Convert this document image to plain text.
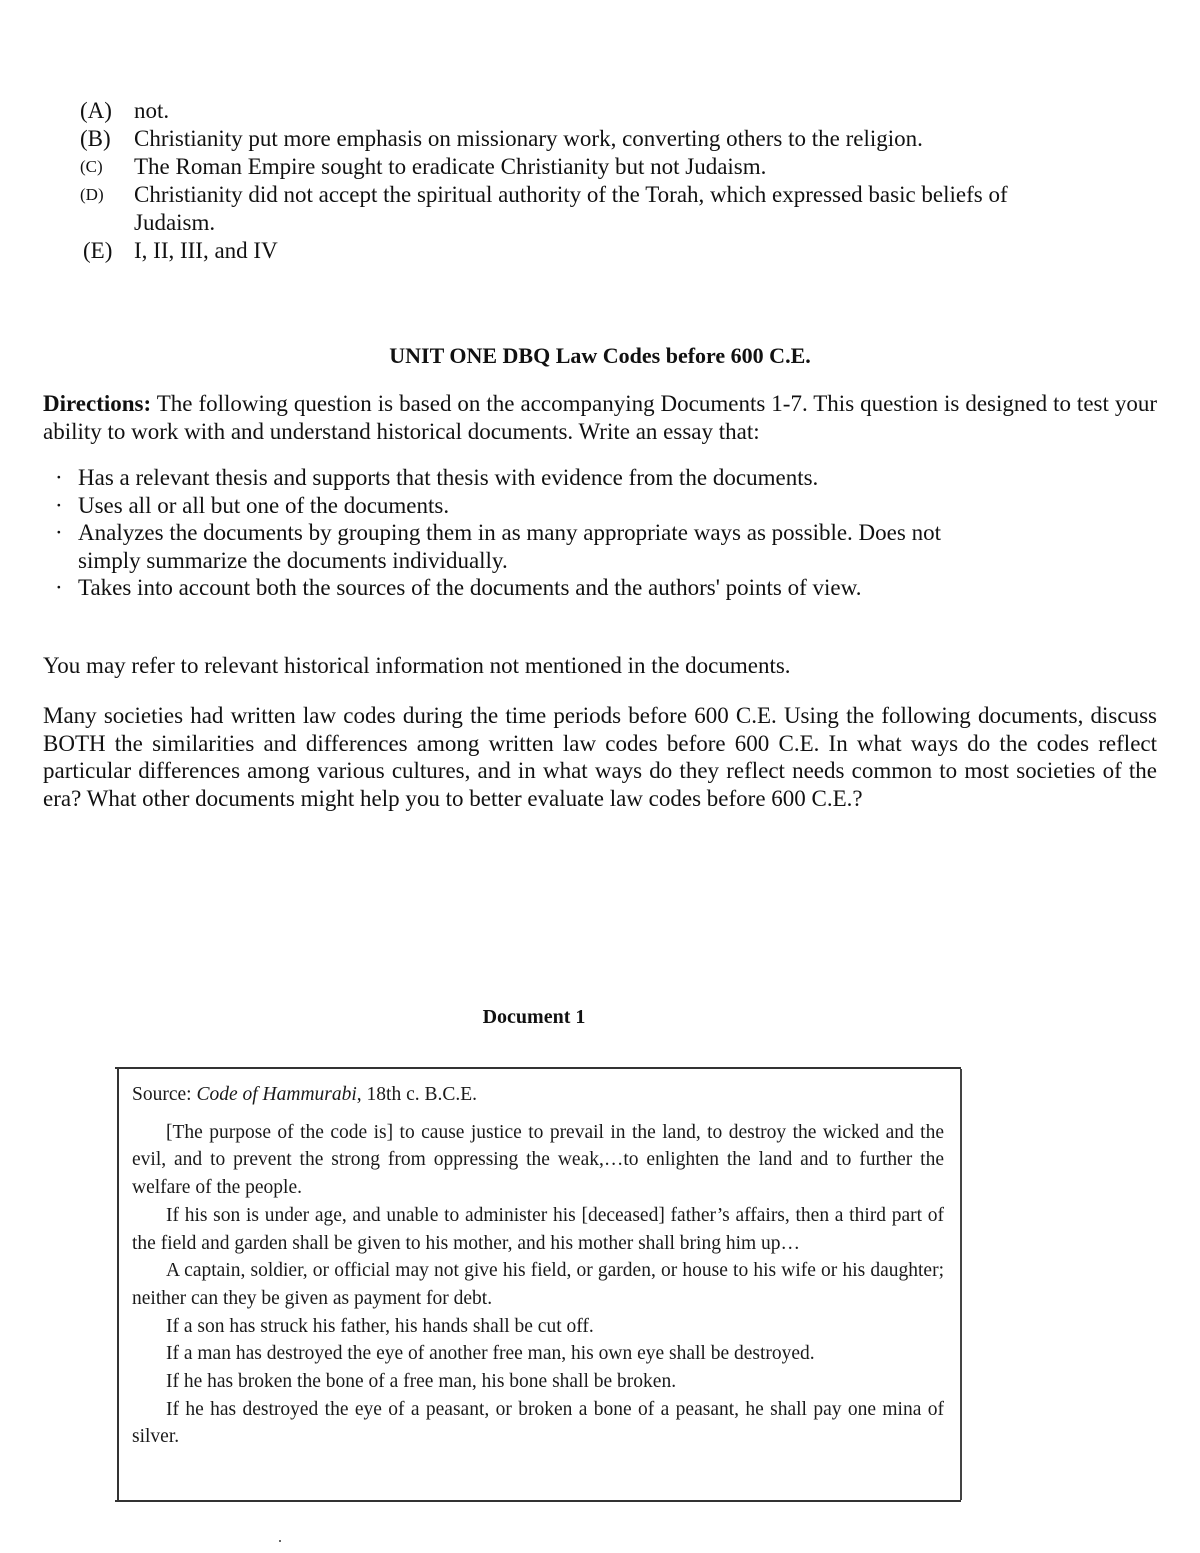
(A) not.
(B)	Christianity put more emphasis on missionary work, converting others to the religion.
(C)	The Roman Empire sought to eradicate Christianity but not Judaism.
(D)	Christianity did not accept the spiritual authority of the Torah, which expressed basic beliefs of Judaism.
(E) I, II, III, and IV
UNIT ONE DBQ Law Codes before 600 C.E.
Directions: The following question is based on the accompanying Documents 1-7. This question is designed to test your ability to work with and understand historical documents. Write an essay that:
· Has a relevant thesis and supports that thesis with evidence from the documents.
· Uses all or all but one of the documents.
· Analyzes the documents by grouping them in as many appropriate ways as possible. Does not simply summarize the documents individually.
· Takes into account both the sources of the documents and the authors' points of view.
You may refer to relevant historical information not mentioned in the documents.
Many societies had written law codes during the time periods before 600 C.E. Using the following documents, discuss BOTH the similarities and differences among written law codes before 600 C.E. In what ways do the codes reflect particular differences among various cultures, and in what ways do they reflect needs common to most societies of the era? What other documents might help you to better evaluate law codes before 600 C.E.?
Document 1

Source: Code of Hammurabi, 18th c. B.C.E.

[The purpose of the code is] to cause justice to prevail in the land, to destroy the wicked and the evil, and to prevent the strong from oppressing the weak,…to enlighten the land and to further the welfare of the people.

If his son is under age, and unable to administer his [deceased] father’s affairs, then a third part of the field and garden shall be given to his mother, and his mother shall bring him up…

A captain, soldier, or official may not give his field, or garden, or house to his wife or his daughter; neither can they be given as payment for debt.

If a son has struck his father, his hands shall be cut off.

If a man has destroyed the eye of another free man, his own eye shall be destroyed.

If he has broken the bone of a free man, his bone shall be broken.

If he has destroyed the eye of a peasant, or broken a bone of a peasant, he shall pay one mina of silver.
